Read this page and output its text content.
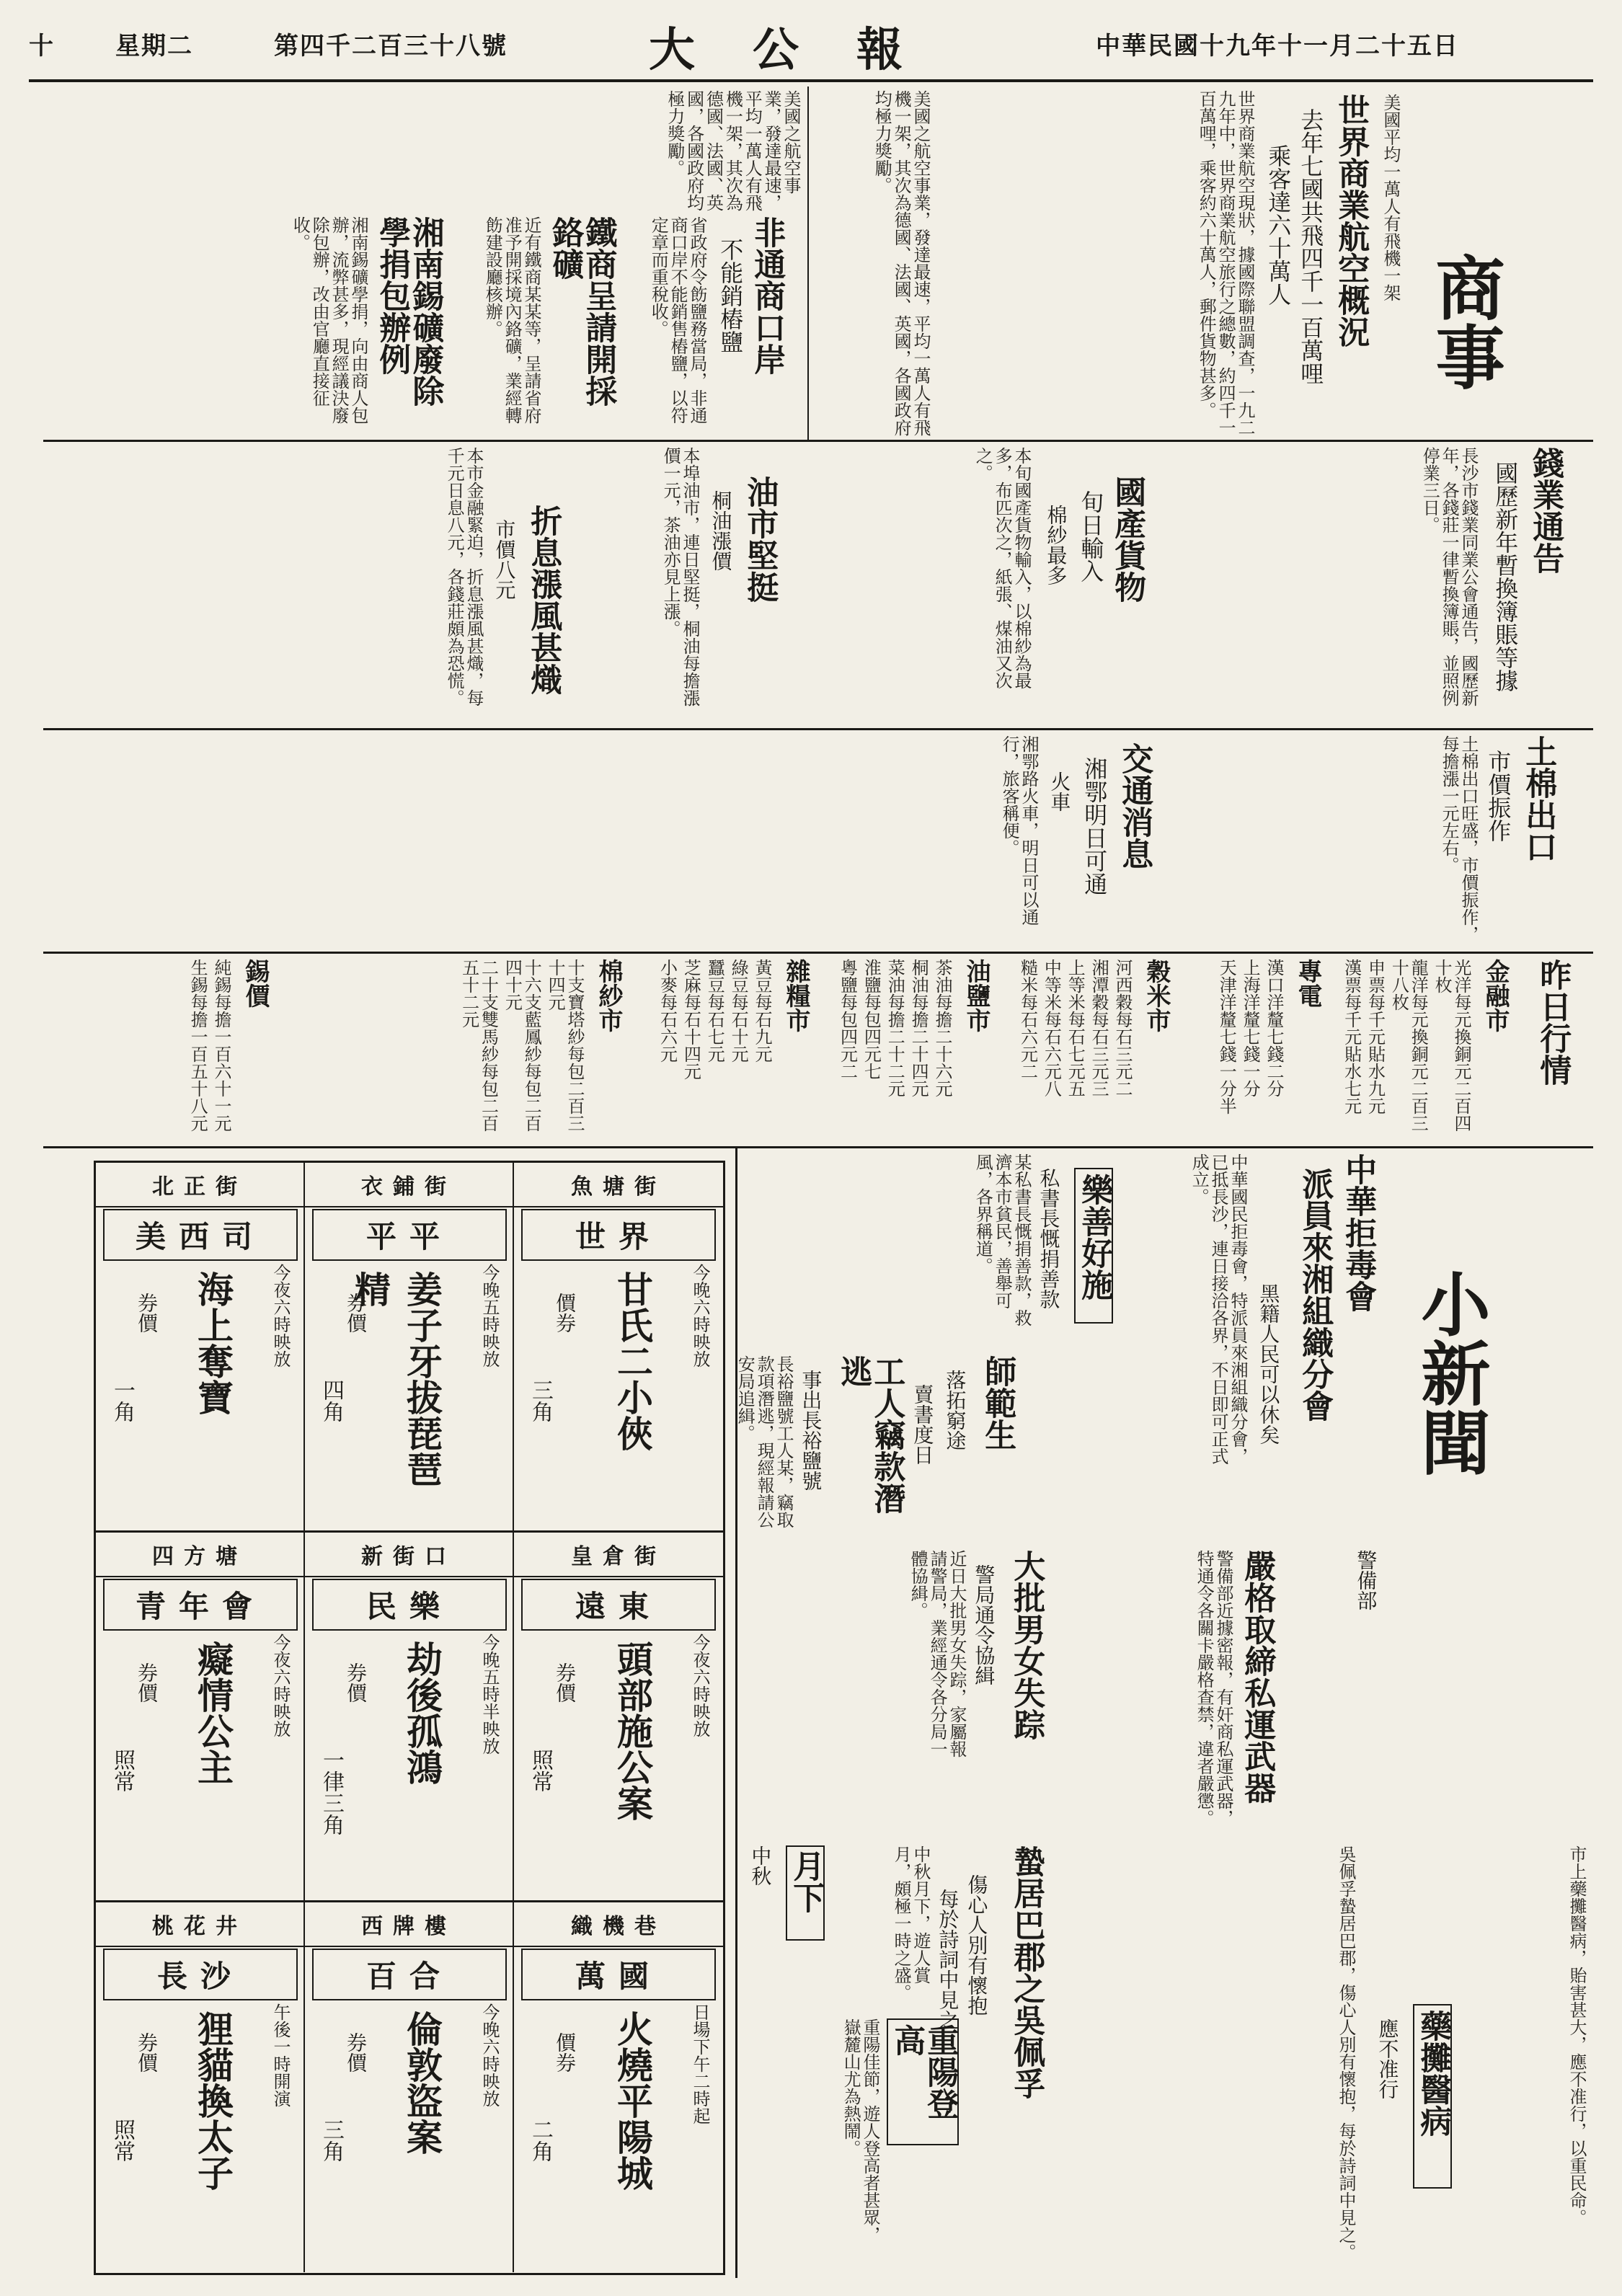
十 星期二	第四千二百三十八號	大公報	中華民國十九年十一月二十五日
商事
世界商業航空概況
去年七國共飛四千一百萬哩
乘客達六十萬人	美國平均一萬人有飛機一架
世界商業航空現狀，據國際聯盟調查，一九二九年中，世界商業航空旅行之總數，約四千一百萬哩，乘客約六十萬人，郵件貨物甚多。
美國之航空事業，發達最速，平均一萬人有飛機一架，其次為德國、法國、英國，各國政府均極力獎勵。
非通商口岸
不能銷樁鹽
省政府令飭鹽務當局，非通商口岸不能銷售樁鹽，以符定章而重稅收。
鐵商呈請開採鉻礦
近有鐵商某某等，呈請省府准予開採境內鉻礦，業經轉飭建設廳核辦。
湘南錫礦廢除學捐包辦例
湘南錫礦學捐，向由商人包辦，流弊甚多，現經議決廢除包辦，改由官廳直接征收。
美國之航空事業，發達最速，平均一萬人有飛機一架，其次為德國、法國、英國，各國政府均極力獎勵。
錢業通告
國歷新年暫換簿賬等據
長沙市錢業同業公會通告，國歷新年，各錢莊一律暫換簿賬，並照例停業三日。
國產貨物
旬日輸入
棉紗最多
本旬國產貨物輸入，以棉紗為最多，布匹次之，紙張、煤油又次之。
油市堅挺
桐油漲價
本埠油市，連日堅挺，桐油每擔漲價一元，茶油亦見上漲。
折息漲風甚熾
市價八元
本市金融緊迫，折息漲風甚熾，每千元日息八元，各錢莊頗為恐慌。
土棉出口
市價振作
土棉出口旺盛，市價振作，每擔漲一元左右。
交通消息
湘鄂明日可通
火車
湘鄂路火車，明日可以通行，旅客稱便。
昨日行情
金融市
光洋每元換銅元二百四十枚
龍洋每元換銅元二百三十八枚
申票每千元貼水九元
漢票每千元貼水七元
專電
漢口洋釐七錢二分
上海洋釐七錢一分
天津洋釐七錢一分半
穀米市
河西穀每石三元二
湘潭穀每石三元三
上等米每石七元五
中等米每石六元八
糙米每石六元二
油鹽市
茶油每擔二十六元
桐油每擔二十四元
菜油每擔二十二元
淮鹽每包四元七
粵鹽每包四元二
雜糧市
黃豆每石九元
綠豆每石十元
蠶豆每石七元
芝麻每石十四元
小麥每石六元
棉紗市
十支寶塔紗每包二百三十四元
十六支藍鳳紗每包二百四十元
二十支雙馬紗每包二百五十二元
錫價
純錫每擔一百六十一元
生錫每擔一百五十八元
小新聞
中華拒毒會
派員來湘組織分會
黑籍人民可以休矣
中華國民拒毒會，特派員來湘組織分會，已抵長沙，連日接洽各界，不日即可正式成立。
樂善好施
私書長慨捐善款
某私書長慨捐善款，救濟本市貧民，善舉可風，各界稱道。
工人竊款潛逃
事出長裕鹽號
長裕鹽號工人某，竊取款項潛逃，現經報請公安局追緝。	師範生
落拓窮途
賣書度日
警備部
嚴格取締私運武器
警備部近據密報，有奸商私運武器，特通令各關卡嚴格查禁，違者嚴懲。
大批男女失踪
警局通令協緝
近日大批男女失踪，家屬報請警局，業經通令各分局一體協緝。
蟄居巴郡之吳佩孚
傷心人別有懷抱
每於詩詞中見之	吳佩孚蟄居巴郡，傷心人別有懷抱，每於詩詞中見之。 藥攤醫病
應不准行	市上藥攤醫病，貽害甚大，應不准行，以重民命。
重陽登高
重陽佳節，遊人登高者甚眾，嶽麓山尤為熱鬧。
月下
中秋	中秋月下，遊人賞月，頗極一時之盛。
北正街
美西司
今夜六時映放
海上奪寶
券價
一角
衣鋪街
平平
今晚五時映放
姜子牙拔琵琶精
券價
四角
魚塘街
世界
今晚六時映放
甘氏二小俠
價券
三角
四方塘
青年會
今夜六時映放
癡情公主
券價
照常
新街口
民樂
今晚五時半映放
劫後孤鴻
券價
一律三角
皇倉街
遠東
今夜六時映放
頭部施公案
券價
照常
桃花井
長沙
午後一時開演
狸貓換太子
券價
照常
西牌樓
百合
今晚六時映放
倫敦盜案
券價
三角
織機巷
萬國
日場下午二時起
火燒平陽城
價券
二角
